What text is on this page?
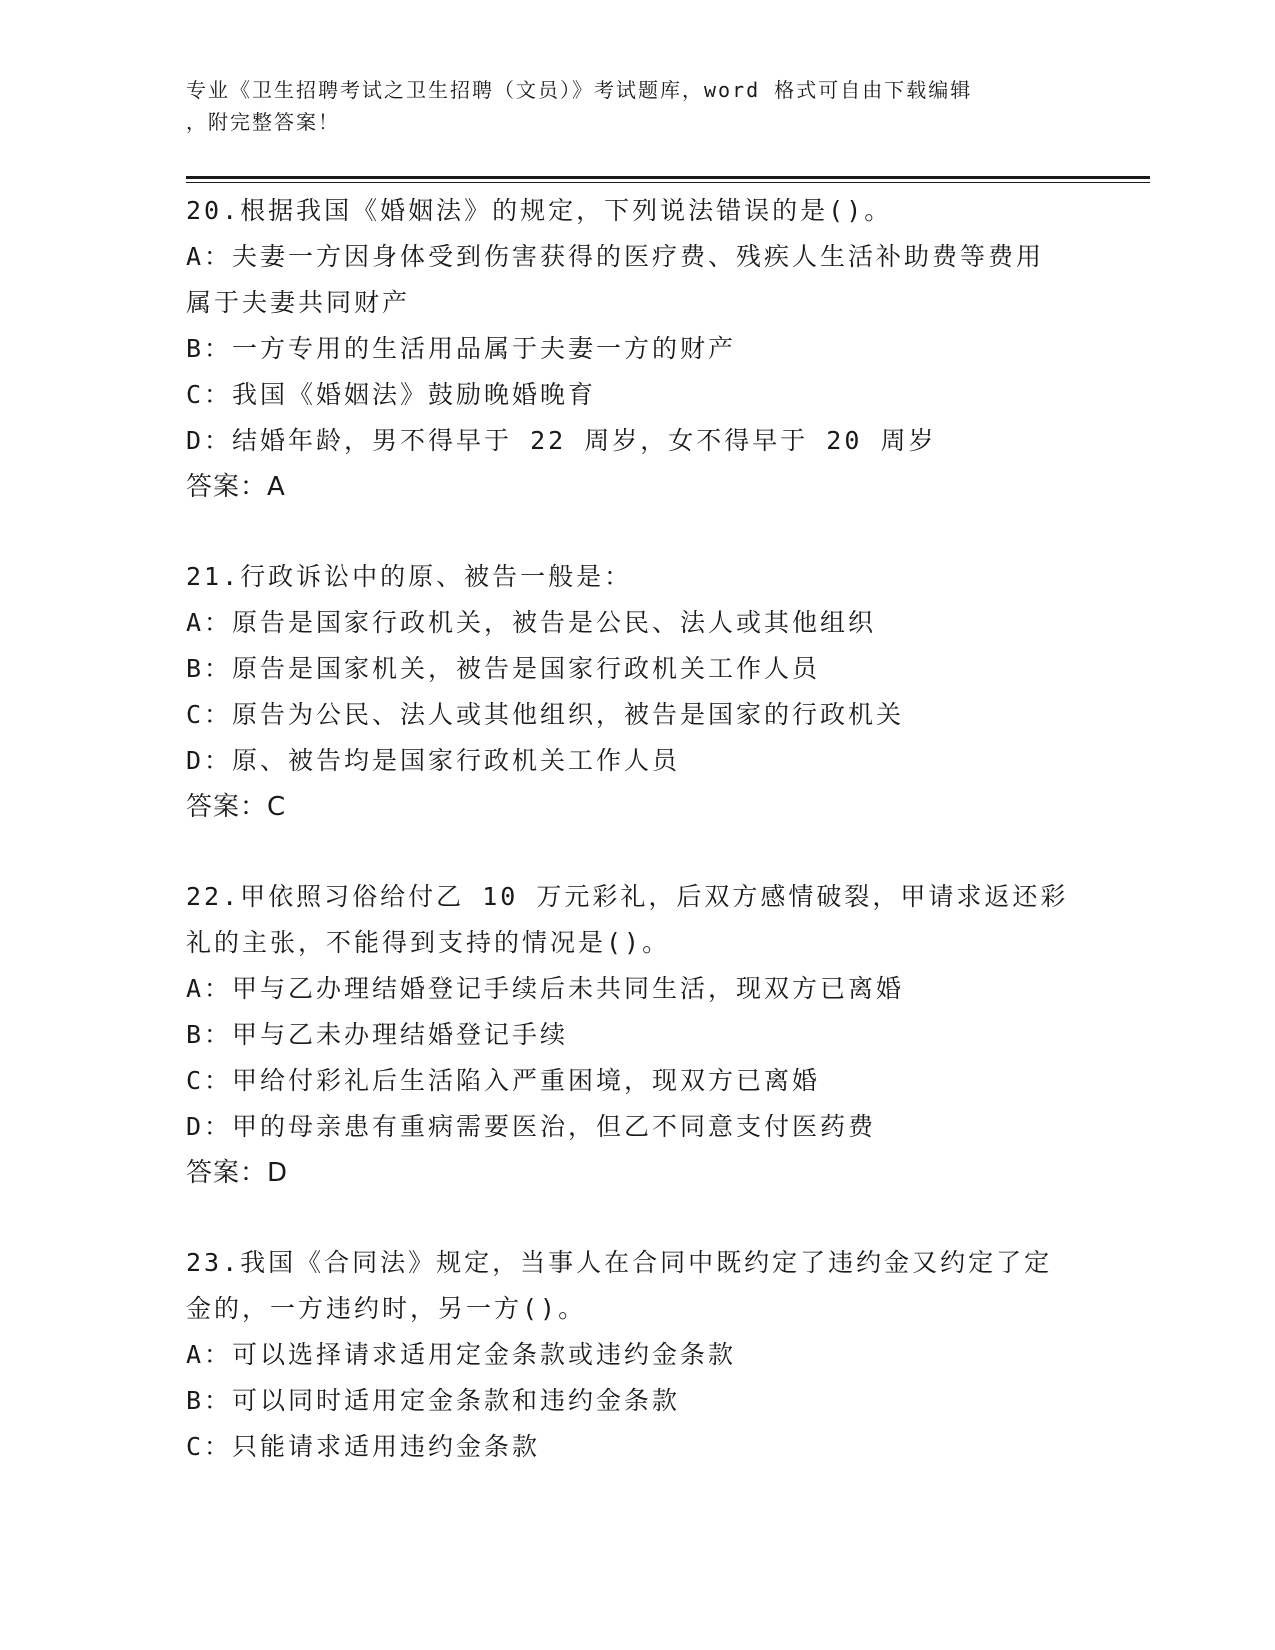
专业《卫生招聘考试之卫生招聘（文员）》考试题库，word 格式可自由下载编辑
，附完整答案！
20.根据我国《婚姻法》的规定，下列说法错误的是()。
A：夫妻一方因身体受到伤害获得的医疗费、残疾人生活补助费等费用
属于夫妻共同财产
B：一方专用的生活用品属于夫妻一方的财产
C：我国《婚姻法》鼓励晚婚晚育
D：结婚年龄，男不得早于 22 周岁，女不得早于 20 周岁
答案：A
21.行政诉讼中的原、被告一般是：
A：原告是国家行政机关，被告是公民、法人或其他组织
B：原告是国家机关，被告是国家行政机关工作人员
C：原告为公民、法人或其他组织，被告是国家的行政机关
D：原、被告均是国家行政机关工作人员
答案：C
22.甲依照习俗给付乙 10 万元彩礼，后双方感情破裂，甲请求返还彩
礼的主张，不能得到支持的情况是()。
A：甲与乙办理结婚登记手续后未共同生活，现双方已离婚
B：甲与乙未办理结婚登记手续
C：甲给付彩礼后生活陷入严重困境，现双方已离婚
D：甲的母亲患有重病需要医治，但乙不同意支付医药费
答案：D
23.我国《合同法》规定，当事人在合同中既约定了违约金又约定了定
金的，一方违约时，另一方()。
A：可以选择请求适用定金条款或违约金条款
B：可以同时适用定金条款和违约金条款
C：只能请求适用违约金条款
